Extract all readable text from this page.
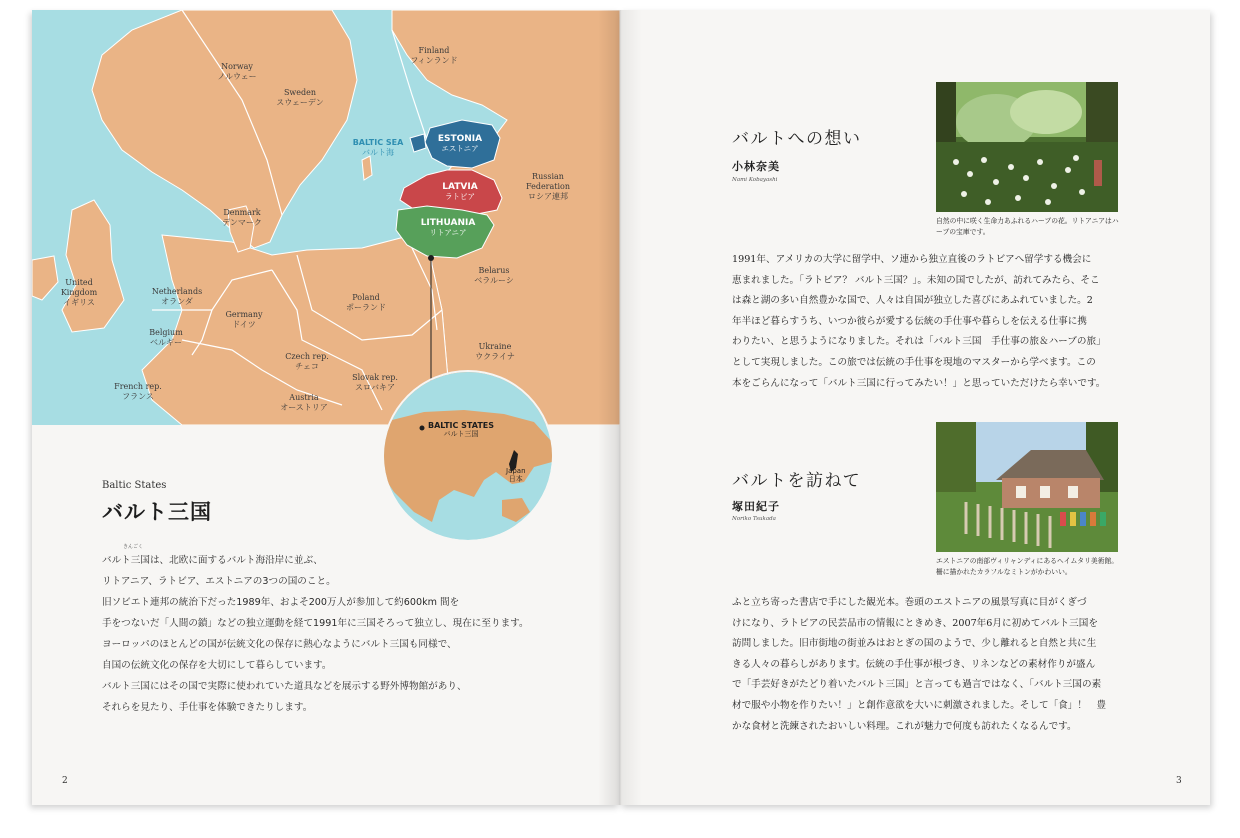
Norway
ノルウェー
Finland
フィンランド
Sweden
スウェーデン
Russian
Federation
ロシア連邦
Denmark
デンマーク
Belarus
ベラルーシ
United
Kingdom
イギリス
Netherlands
オランダ	Poland
ポーランド
Germany
ドイツ
Belgium
ベルギー	Ukraine
ウクライナ
Czech rep.
チェコ
Slovak rep.
スロバキア
French rep.
フランス	Austria
オーストリア
BALTIC SEA
バルト海
ESTONIA
エストニア
LATVIA
ラトビア
LITHUANIA
リトアニア
BALTIC STATES
バルト三国
Japan
日本
Baltic States
バルト三国

バルト三国は、北欧に面するバルト海沿岸に並ぶ、

リトアニア、ラトビア、エストニアの3つの国のこと。

旧ソビエト連邦の統治下だった1989年、およそ200万人が参加して約600km 間を

手をつないだ「人間の鎖」などの独立運動を経て1991年に三国そろって独立し、現在に至ります。

ヨーロッパのほとんどの国が伝統文化の保存に熱心なようにバルト三国も同様で、

自国の伝統文化の保存を大切にして暮らしています。

バルト三国にはその国で実際に使われていた道具などを展示する野外博物館があり、

それらを見たり、手仕事を体験できたりします。

きんごく
2
バルトへの想い
小林奈美
Nami Kobayashi
自然の中に咲く生命力あふれるハーブの花。リトアニアはハーブの宝庫です。

1991年、アメリカの大学に留学中、ソ連から独立直後のラトビアへ留学する機会に

恵まれました。「ラトビア？ バルト三国？」。未知の国でしたが、訪れてみたら、そこ

は森と湖の多い自然豊かな国で、人々は自国が独立した喜びにあふれていました。2

年半ほど暮らすうち、いつか彼らが愛する伝統の手仕事や暮らしを伝える仕事に携

わりたい、と思うようになりました。それは「バルト三国　手仕事の旅＆ハーブの旅」

として実現しました。この旅では伝統の手仕事を現地のマスターから学べます。この

本をごらんになって「バルト三国に行ってみたい！」と思っていただけたら幸いです。

バルトを訪ねて
塚田紀子
Noriko Tsukada
エストニアの南部ヴィリャンディにあるヘイムタリ美術館。柵に描かれたカラフルなミトンがかわいい。

ふと立ち寄った書店で手にした観光本。巻頭のエストニアの風景写真に目がくぎづ

けになり、ラトビアの民芸品市の情報にときめき、2007年6月に初めてバルト三国を

訪問しました。旧市街地の街並みはおとぎの国のようで、少し離れると自然と共に生

きる人々の暮らしがあります。伝統の手仕事が根づき、リネンなどの素材作りが盛ん

で「手芸好きがたどり着いたバルト三国」と言っても過言ではなく、「バルト三国の素

材で服や小物を作りたい！」と創作意欲を大いに刺激されました。そして「食」！　豊

かな食材と洗練されたおいしい料理。これが魅力で何度も訪れたくなるんです。

3
